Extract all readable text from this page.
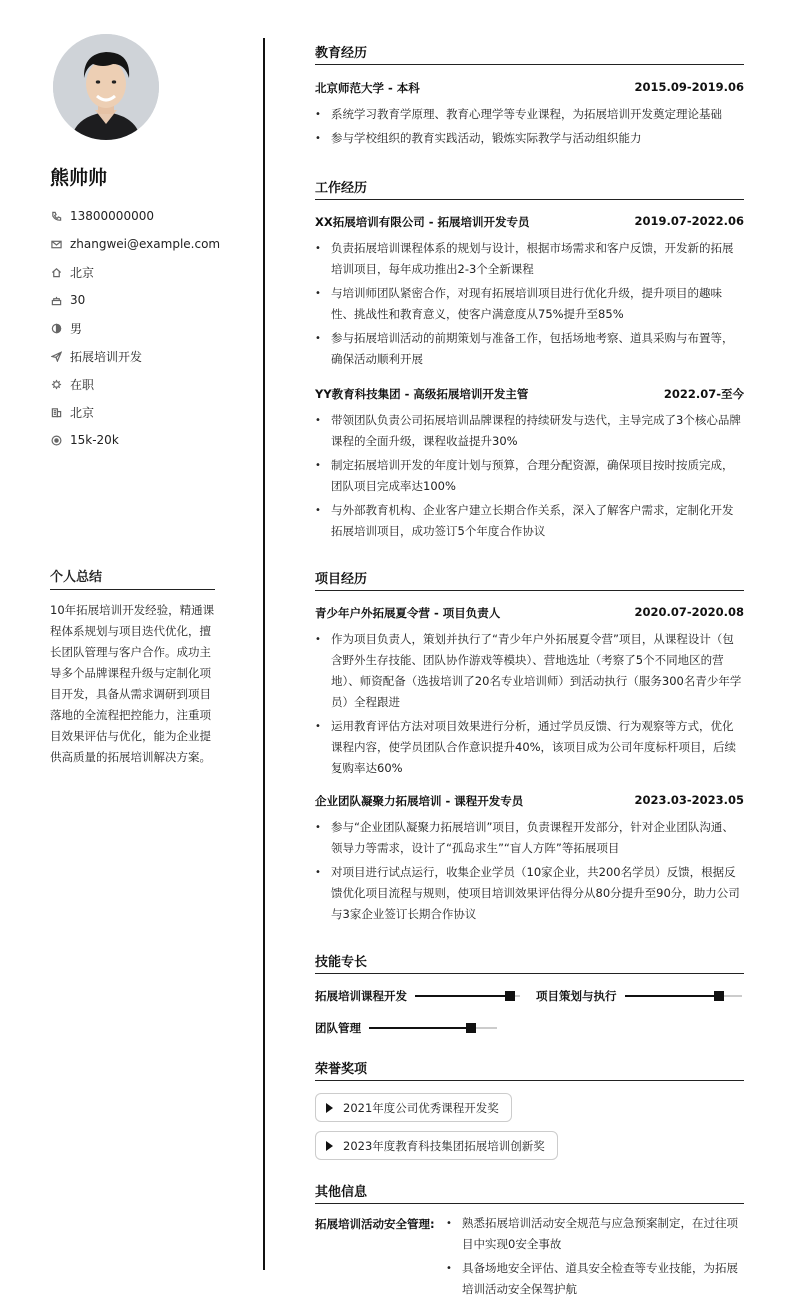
熊帅帅
13800000000
zhangwei@example.com
北京
30
男
拓展培训开发
在职
北京
15k-20k
个人总结
10年拓展培训开发经验，精通课程体系规划与项目迭代优化，擅长团队管理与客户合作。成功主导多个品牌课程升级与定制化项目开发，具备从需求调研到项目落地的全流程把控能力，注重项目效果评估与优化，能为企业提供高质量的拓展培训解决方案。
教育经历
北京师范大学 - 本科	2015.09-2019.06
• 系统学习教育学原理、教育心理学等专业课程，为拓展培训开发奠定理论基础
• 参与学校组织的教育实践活动，锻炼实际教学与活动组织能力
工作经历
XX拓展培训有限公司 - 拓展培训开发专员	2019.07-2022.06
• 负责拓展培训课程体系的规划与设计，根据市场需求和客户反馈，开发新的拓展培训项目，每年成功推出2-3个全新课程
• 与培训师团队紧密合作，对现有拓展培训项目进行优化升级，提升项目的趣味性、挑战性和教育意义，使客户满意度从75%提升至85%
• 参与拓展培训活动的前期策划与准备工作，包括场地考察、道具采购与布置等，确保活动顺利开展
YY教育科技集团 - 高级拓展培训开发主管	2022.07-至今
• 带领团队负责公司拓展培训品牌课程的持续研发与迭代，主导完成了3个核心品牌课程的全面升级，课程收益提升30%
• 制定拓展培训开发的年度计划与预算，合理分配资源，确保项目按时按质完成，团队项目完成率达100%
• 与外部教育机构、企业客户建立长期合作关系，深入了解客户需求，定制化开发拓展培训项目，成功签订5个年度合作协议
项目经历
青少年户外拓展夏令营 - 项目负责人	2020.07-2020.08
• 作为项目负责人，策划并执行了“青少年户外拓展夏令营”项目，从课程设计（包含野外生存技能、团队协作游戏等模块）、营地选址（考察了5个不同地区的营地）、师资配备（选拔培训了20名专业培训师）到活动执行（服务300名青少年学员）全程跟进
• 运用教育评估方法对项目效果进行分析，通过学员反馈、行为观察等方式，优化课程内容，使学员团队合作意识提升40%，该项目成为公司年度标杆项目，后续复购率达60%
企业团队凝聚力拓展培训 - 课程开发专员	2023.03-2023.05
• 参与“企业团队凝聚力拓展培训”项目，负责课程开发部分，针对企业团队沟通、领导力等需求，设计了“孤岛求生”“盲人方阵”等拓展项目
• 对项目进行试点运行，收集企业学员（10家企业，共200名学员）反馈，根据反馈优化项目流程与规则，使项目培训效果评估得分从80分提升至90分，助力公司与3家企业签订长期合作协议
技能专长
拓展培训课程开发	项目策划与执行
团队管理
荣誉奖项
2021年度公司优秀课程开发奖
2023年度教育科技集团拓展培训创新奖
其他信息
拓展培训活动安全管理:
•	熟悉拓展培训活动安全规范与应急预案制定，在过往项目中实现0安全事故
• 具备场地安全评估、道具安全检查等专业技能，为拓展培训活动安全保驾护航
